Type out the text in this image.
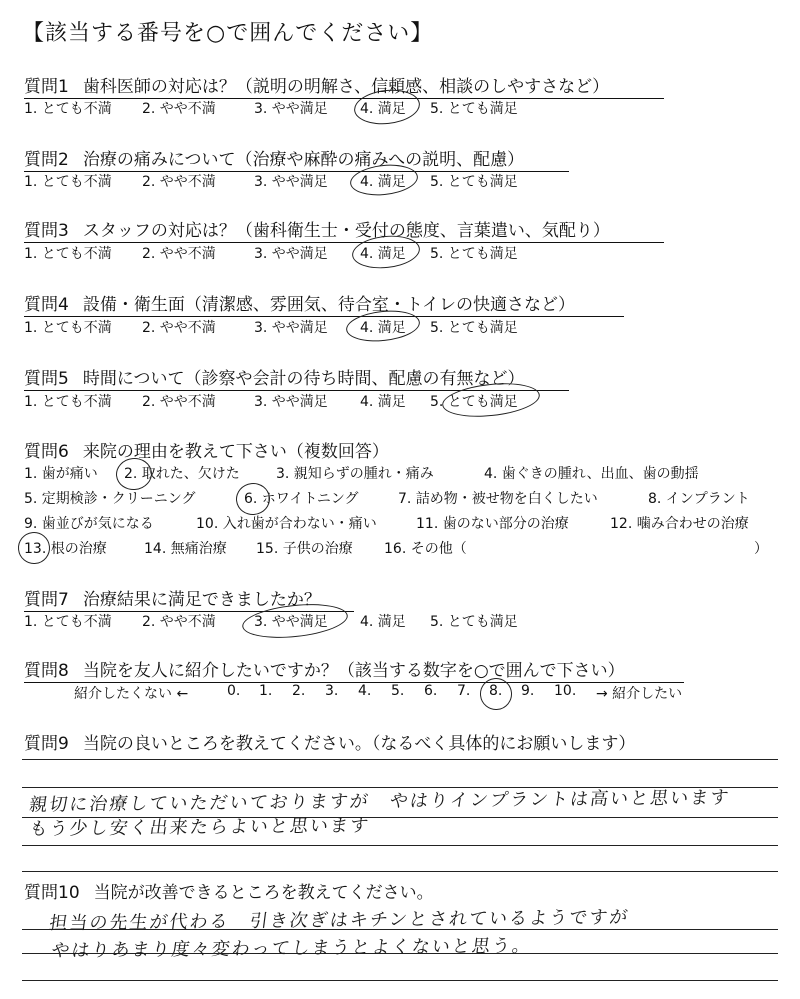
【該当する番号を○で囲んでください】
質問1 歯科医師の対応は？（説明の明解さ、信頼感、相談のしやすさなど）
1. とても不満 2. やや不満	3. やや満足 4. 満足 5. とても満足
質問2 治療の痛みについて（治療や麻酔の痛みへの説明、配慮）
1. とても不満 2. やや不満	3. やや満足 4. 満足 5. とても満足
質問3 スタッフの対応は？（歯科衛生士・受付の態度、言葉遣い、気配り）
1. とても不満 2. やや不満	3. やや満足 4. 満足 5. とても満足
質問4 設備・衛生面（清潔感、雰囲気、待合室・トイレの快適さなど）
1. とても不満 2. やや不満	3. やや満足 4. 満足 5. とても満足
質問5 時間について（診察や会計の待ち時間、配慮の有無など）
1. とても不満 2. やや不満	3. やや満足 4. 満足 5. とても満足
質問6 来院の理由を教えて下さい（複数回答）
1. 歯が痛い 2. 取れた、欠けた	3. 親知らずの腫れ・痛み	4. 歯ぐきの腫れ、出血、歯の動揺
5. 定期検診・クリーニング	6. ホワイトニング	7. 詰め物・被せ物を白くしたい	8. インプラント
9. 歯並びが気になる	10. 入れ歯が合わない・痛い	11. 歯のない部分の治療	12. 噛み合わせの治療
13. 根の治療	14. 無痛治療 15. 子供の治療 16. その他（	）
質問7 治療結果に満足できましたか？
1. とても不満 2. やや不満	3. やや満足 4. 満足 5. とても満足
質問8 当院を友人に紹介したいですか？（該当する数字を○で囲んで下さい）
紹介したくない ←	0. 1. 2. 3. 4. 5. 6. 7. 8. 9. 10. → 紹介したい
質問9 当院の良いところを教えてください。（なるべく具体的にお願いします）
親切に治療していただいておりますが　やはりインプラントは高いと思います
もう少し安く出来たらよいと思います
質問10 当院が改善できるところを教えてください。
担当の先生が代わる　引き次ぎはキチンとされているようですが
やはりあまり度々変わってしまうとよくないと思う。
